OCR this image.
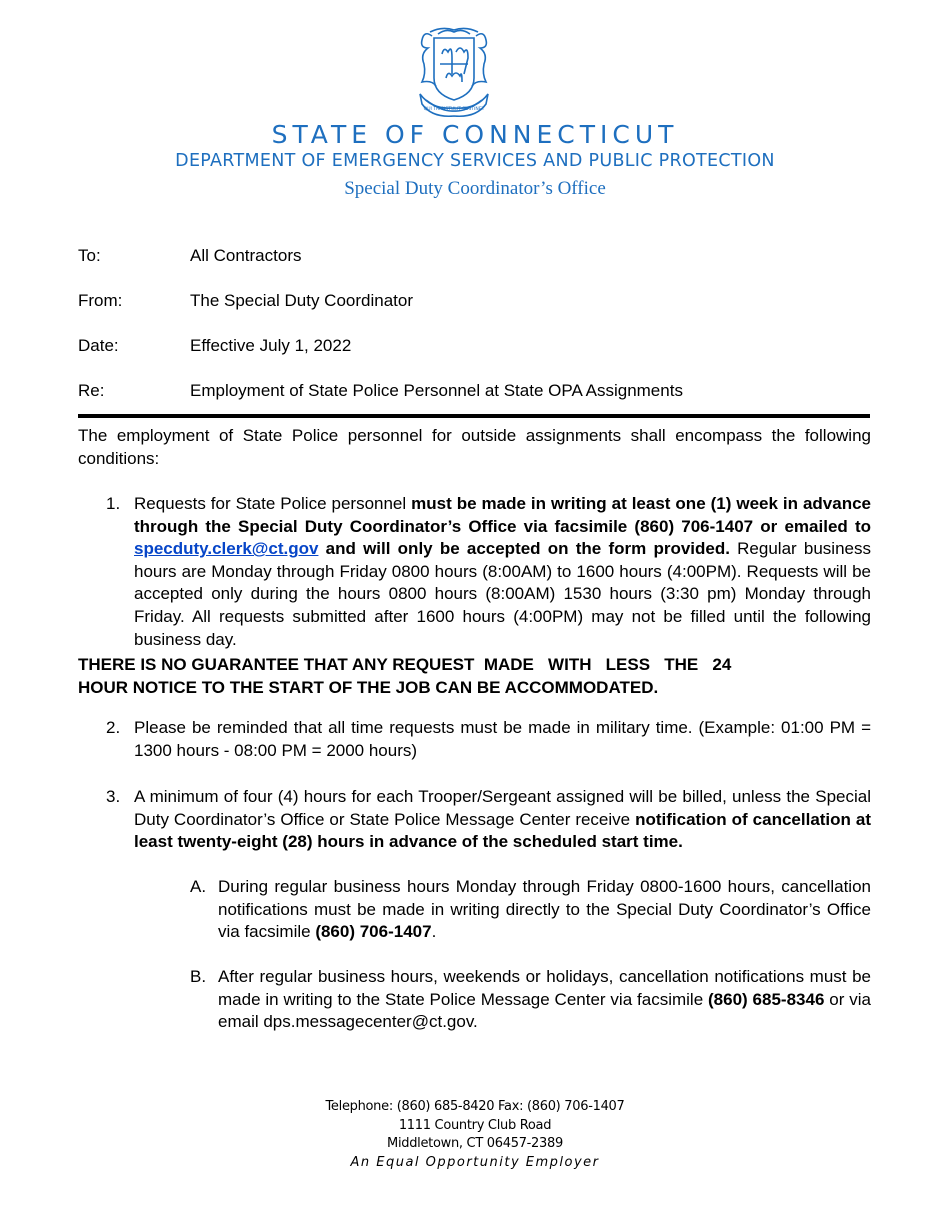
QUI TRANSTULIT SUSTINET
STATE OF CONNECTICUT
DEPARTMENT OF EMERGENCY SERVICES AND PUBLIC PROTECTION
Special Duty Coordinator’s Office
To:	All Contractors
From:	The Special Duty Coordinator
Date:	Effective July 1, 2022
Re:	Employment of State Police Personnel at State OPA Assignments
The employment of State Police personnel for outside assignments shall encompass the following conditions:
1. Requests for State Police personnel must be made in writing at least one (1) week in advance through the Special Duty Coordinator’s Office via facsimile (860) 706-1407 or emailed to specduty.clerk@ct.gov and will only be accepted on the form provided. Regular business hours are Monday through Friday 0800 hours (8:00AM) to 1600 hours (4:00PM). Requests will be accepted only during the hours 0800 hours (8:00AM) 1530 hours (3:30 pm) Monday through Friday. All requests submitted after 1600 hours (4:00PM) may not be filled until the following business day.
THERE IS NO GUARANTEE THAT ANY REQUEST  MADE   WITH   LESS   THE   24
HOUR NOTICE TO THE START OF THE JOB CAN BE ACCOMMODATED.
2. Please be reminded that all time requests must be made in military time. (Example: 01:00 PM = 1300 hours - 08:00 PM = 2000 hours)
3. A minimum of four (4) hours for each Trooper/Sergeant assigned will be billed, unless the Special Duty Coordinator’s Office or State Police Message Center receive notification of cancellation at least twenty-eight (28) hours in advance of the scheduled start time.
A. During regular business hours Monday through Friday 0800-1600 hours, cancellation notifications must be made in writing directly to the Special Duty Coordinator’s Office via facsimile (860) 706-1407.
B. After regular business hours, weekends or holidays, cancellation notifications must be made in writing to the State Police Message Center via facsimile (860) 685-8346 or via email dps.messagecenter@ct.gov.
Telephone: (860) 685-8420 Fax: (860) 706-1407
1111 Country Club Road
Middletown, CT 06457-2389
An Equal Opportunity Employer
